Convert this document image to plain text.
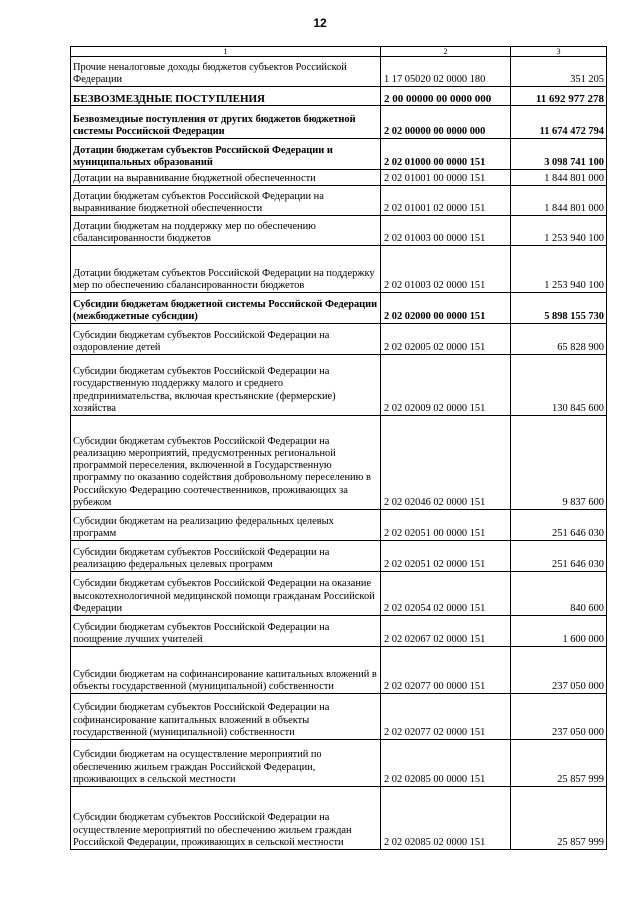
12
1	2	3
Прочие неналоговые доходы бюджетов субъектов Российской Федерации	1 17 05020 02 0000 180	351 205
БЕЗВОЗМЕЗДНЫЕ ПОСТУПЛЕНИЯ	2 00 00000 00 0000 000	11 692 977 278
Безвозмездные поступления от других бюджетов бюджетной системы Российской Федерации	2 02 00000 00 0000 000	11 674 472 794
Дотации бюджетам субъектов Российской Федерации и муниципальных образований	2 02 01000 00 0000 151	3 098 741 100
Дотации на выравнивание бюджетной обеспеченности	2 02 01001 00 0000 151	1 844 801 000
Дотации бюджетам субъектов Российской Федерации на выравнивание бюджетной обеспеченности	2 02 01001 02 0000 151	1 844 801 000
Дотации бюджетам на поддержку мер по обеспечению сбалансированности бюджетов	2 02 01003 00 0000 151	1 253 940 100
Дотации бюджетам субъектов Российской Федерации на поддержку мер по обеспечению сбалансированности бюджетов	2 02 01003 02 0000 151	1 253 940 100
Субсидии бюджетам бюджетной системы Российской Федерации (межбюджетные субсидии)	2 02 02000 00 0000 151	5 898 155 730
Субсидии бюджетам субъектов Российской Федерации на оздоровление детей	2 02 02005 02 0000 151	65 828 900
Субсидии бюджетам субъектов Российской Федерации на государственную поддержку малого и среднего предпринимательства, включая крестьянские (фермерские) хозяйства	2 02 02009 02 0000 151	130 845 600
Субсидии бюджетам субъектов Российской Федерации на реализацию мероприятий, предусмотренных региональной программой переселения, включенной в Государственную программу по оказанию содействия добровольному переселению в Российскую Федерацию соотечественников, проживающих за рубежом	2 02 02046 02 0000 151	9 837 600
Субсидии бюджетам на реализацию федеральных целевых программ	2 02 02051 00 0000 151	251 646 030
Субсидии бюджетам субъектов Российской Федерации на реализацию федеральных целевых программ	2 02 02051 02 0000 151	251 646 030
Субсидии бюджетам субъектов Российской Федерации на оказание высокотехнологичной медицинской помощи гражданам Российской Федерации	2 02 02054 02 0000 151	840 600
Субсидии бюджетам субъектов Российской Федерации на поощрение лучших учителей	2 02 02067 02 0000 151	1 600 000
Субсидии бюджетам на софинансирование капитальных вложений в объекты государственной (муниципальной) собственности	2 02 02077 00 0000 151	237 050 000
Субсидии бюджетам субъектов Российской Федерации на софинансирование капитальных вложений в объекты государственной (муниципальной) собственности	2 02 02077 02 0000 151	237 050 000
Субсидии бюджетам на осуществление мероприятий по обеспечению жильем граждан Российской Федерации, проживающих в сельской местности	2 02 02085 00 0000 151	25 857 999
Субсидии бюджетам субъектов Российской Федерации на осуществление мероприятий по обеспечению жильем граждан Российской Федерации, проживающих в сельской местности	2 02 02085 02 0000 151	25 857 999
